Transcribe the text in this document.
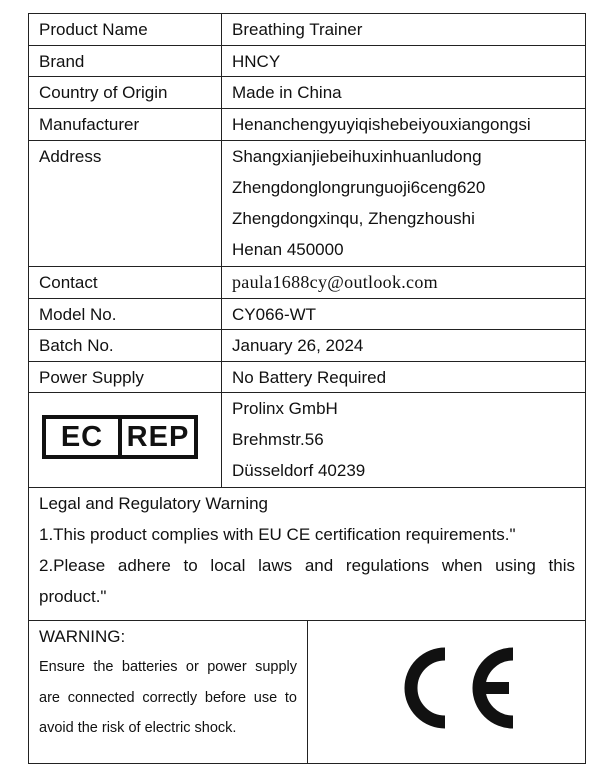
Product Name	Breathing Trainer
Brand	HNCY
Country of Origin	Made in China
Manufacturer	Henanchengyuyiqishebeiyouxiangongsi
Address	Shangxianjiebeihuxinhuanludong
Zhengdonglongrunguoji6ceng620
Zhengdongxinqu, Zhengzhoushi
Henan 450000
Contact	paula1688cy@outlook.com
Model No.	CY066-WT
Batch No.	January 26, 2024
Power Supply	No Battery Required
EC REP
Prolinx GmbH
Brehmstr.56
Düsseldorf 40239
Legal and Regulatory Warning
1.This product complies with EU CE certification requirements."
2.Please adhere to local laws and regulations when using this product."
WARNING:
Ensure the batteries or power supply are connected correctly before use to avoid the risk of electric shock.
